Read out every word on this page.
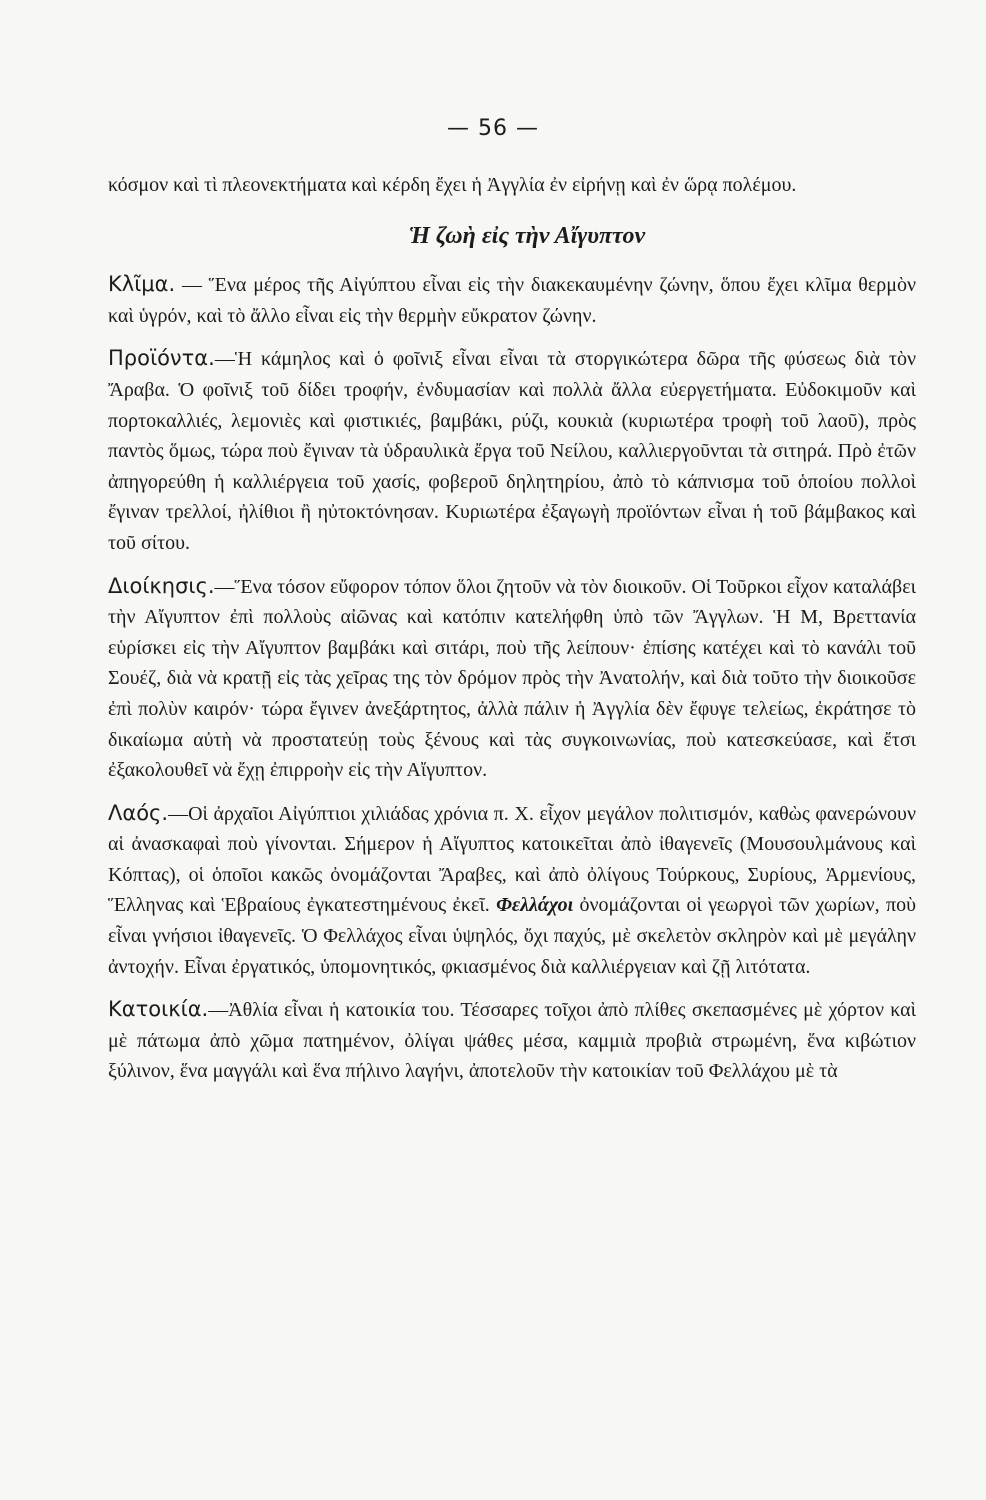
— 56 —

κόσμον καὶ τὶ πλεονεκτήματα καὶ κέρδη ἔχει ἡ Ἀγγλία ἐν εἰρήνῃ καὶ ἐν ὥρᾳ πολέμου.

Ἡ ζωὴ εἰς τὴν Αἴγυπτον

Κλῖμα. — Ἕνα μέρος τῆς Αἰγύπτου εἶναι εἰς τὴν διακεκαυμένην ζώνην, ὅπου ἔχει κλῖμα θερμὸν καὶ ὑγρόν, καὶ τὸ ἄλλο εἶναι εἰς τὴν θερμὴν εὔκρατον ζώνην.

Προϊόντα.—Ἡ κάμηλος καὶ ὁ φοῖνιξ εἶναι εἶναι τὰ στοργικώτερα δῶρα τῆς φύσεως διὰ τὸν Ἄραβα. Ὁ φοῖνιξ τοῦ δίδει τροφήν, ἐνδυμασίαν καὶ πολλὰ ἄλλα εὐεργετήματα. Εὐδοκιμοῦν καὶ πορτοκαλλιές, λεμονιὲς καὶ φιστικιές, βαμβάκι, ρύζι, κουκιὰ (κυριωτέρα τροφὴ τοῦ λαοῦ), πρὸς παντὸς ὅμως, τώρα ποὺ ἔγιναν τὰ ὑδραυλικὰ ἔργα τοῦ Νείλου, καλλιεργοῦνται τὰ σιτηρά. Πρὸ ἐτῶν ἀπηγορεύθη ἡ καλλιέργεια τοῦ χασίς, φοβεροῦ δηλητηρίου, ἀπὸ τὸ κάπνισμα τοῦ ὁποίου πολλοὶ ἔγιναν τρελλοί, ἠλίθιοι ἢ ηὐτοκτόνησαν. Κυριωτέρα ἐξαγωγὴ προϊόντων εἶναι ἡ τοῦ βάμβακος καὶ τοῦ σίτου.

Διοίκησις.—Ἕνα τόσον εὔφορον τόπον ὅλοι ζητοῦν νὰ τὸν διοικοῦν. Οἱ Τοῦρκοι εἶχον καταλάβει τὴν Αἴγυπτον ἐπὶ πολλοὺς αἰῶνας καὶ κατόπιν κατελήφθη ὑπὸ τῶν Ἄγγλων. Ἡ Μ, Βρεττανία εὑρίσκει εἰς τὴν Αἴγυπτον βαμβάκι καὶ σιτάρι, ποὺ τῆς λείπουν· ἐπίσης κατέχει καὶ τὸ κανάλι τοῦ Σουέζ, διὰ νὰ κρατῇ εἰς τὰς χεῖρας της τὸν δρόμον πρὸς τὴν Ἀνατολήν, καὶ διὰ τοῦτο τὴν διοικοῦσε ἐπὶ πολὺν καιρόν· τώρα ἔγινεν ἀνεξάρτητος, ἀλλὰ πάλιν ἡ Ἀγγλία δὲν ἔφυγε τελείως, ἐκράτησε τὸ δικαίωμα αὐτὴ νὰ προστατεύῃ τοὺς ξένους καὶ τὰς συγκοινωνίας, ποὺ κατεσκεύασε, καὶ ἔτσι ἐξακολουθεῖ νὰ ἔχῃ ἐπιρροὴν εἰς τὴν Αἴγυπτον.

Λαός.—Οἱ ἀρχαῖοι Αἰγύπτιοι χιλιάδας χρόνια π. Χ. εἶχον μεγάλον πολιτισμόν, καθὼς φανερώνουν αἱ ἀνασκαφαὶ ποὺ γίνονται. Σήμερον ἡ Αἴγυπτος κατοικεῖται ἀπὸ ἰθαγενεῖς (Μουσουλμάνους καὶ Κόπτας), οἱ ὁποῖοι κακῶς ὀνομάζονται Ἄραβες, καὶ ἀπὸ ὀλίγους Τούρκους, Συρίους, Ἀρμενίους, Ἕλληνας καὶ Ἑβραίους ἐγκατεστημένους ἐκεῖ. Φελλάχοι ὀνομάζονται οἱ γεωργοὶ τῶν χωρίων, ποὺ εἶναι γνήσιοι ἰθαγενεῖς. Ὁ Φελλάχος εἶναι ὑψηλός, ὄχι παχύς, μὲ σκελετὸν σκληρὸν καὶ μὲ μεγάλην ἀντοχήν. Εἶναι ἐργατικός, ὑπομονητικός, φκιασμένος διὰ καλλιέργειαν καὶ ζῇ λιτότατα.

Κατοικία.—Ἀθλία εἶναι ἡ κατοικία του. Τέσσαρες τοῖχοι ἀπὸ πλίθες σκεπασμένες μὲ χόρτον καὶ μὲ πάτωμα ἀπὸ χῶμα πατημένον, ὀλίγαι ψάθες μέσα, καμμιὰ προβιὰ στρωμένη, ἕνα κιβώτιον ξύλινον, ἕνα μαγγάλι καὶ ἕνα πήλινο λαγήνι, ἀποτελοῦν τὴν κατοικίαν τοῦ Φελλάχου μὲ τὰ
